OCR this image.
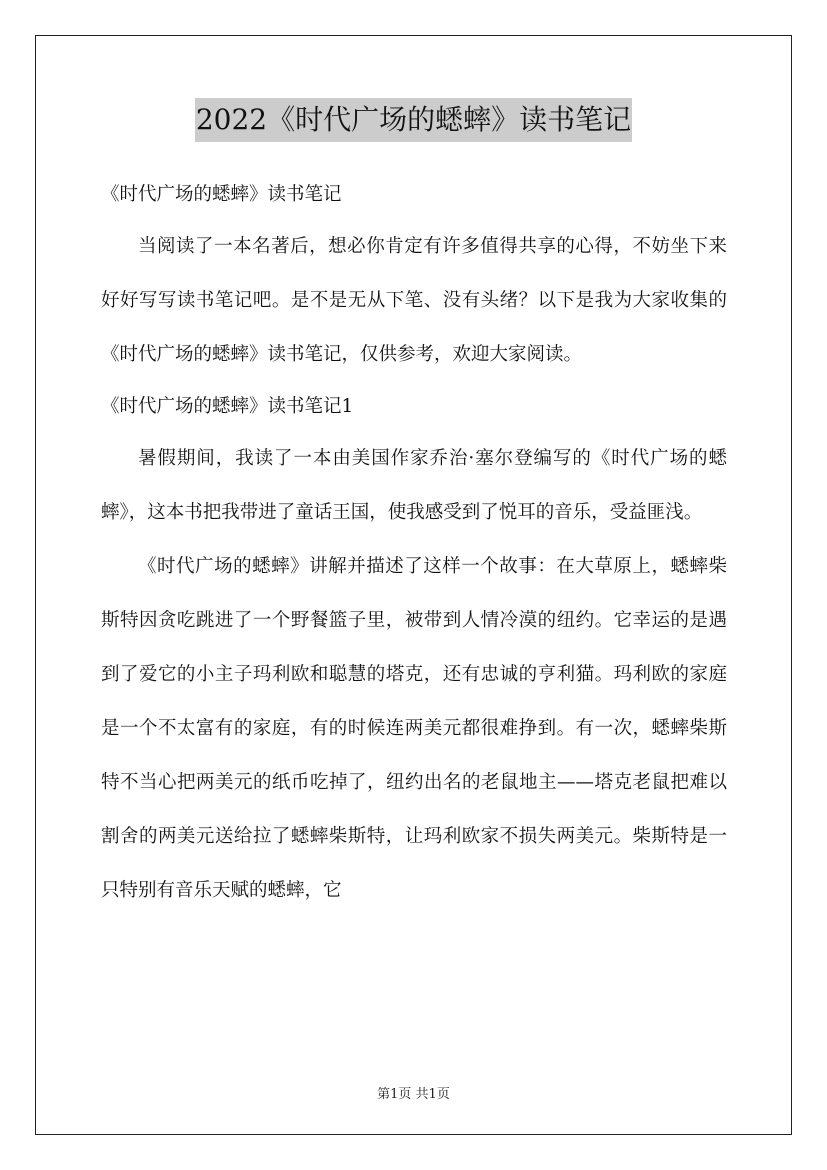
2022《时代广场的蟋蟀》读书笔记

《时代广场的蟋蟀》读书笔记

当阅读了一本名著后，想必你肯定有许多值得共享的心得，不妨坐下来好好写写读书笔记吧。是不是无从下笔、没有头绪？以下是我为大家收集的《时代广场的蟋蟀》读书笔记，仅供参考，欢迎大家阅读。

《时代广场的蟋蟀》读书笔记1

暑假期间，我读了一本由美国作家乔治·塞尔登编写的《时代广场的蟋蟀》，这本书把我带进了童话王国，使我感受到了悦耳的音乐，受益匪浅。

《时代广场的蟋蟀》讲解并描述了这样一个故事：在大草原上，蟋蟀柴斯特因贪吃跳进了一个野餐篮子里，被带到人情冷漠的纽约。它幸运的是遇到了爱它的小主子玛利欧和聪慧的塔克，还有忠诚的亨利猫。玛利欧的家庭是一个不太富有的家庭，有的时候连两美元都很难挣到。有一次，蟋蟀柴斯特不当心把两美元的纸币吃掉了，纽约出名的老鼠地主——塔克老鼠把难以割舍的两美元送给拉了蟋蟀柴斯特，让玛利欧家不损失两美元。柴斯特是一只特别有音乐天赋的蟋蟀，它

第1页 共1页
